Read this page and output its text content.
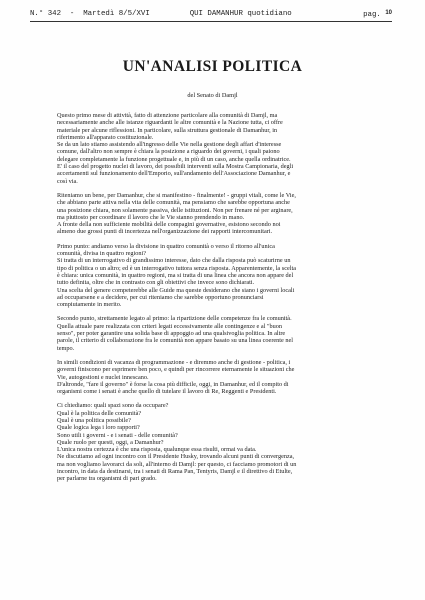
N.° 342 - Martedì 8/5/XVI	QUI DAMANHUR quotidiano	pag. $^{10}$
UN'ANALISI POLITICA
del Senato di Damjl

Questo primo mese di attività, fatto di attenzione particolare alla comunità di Damjl, ma
necessariamente anche alle istanze riguardanti le altre comunità e la Nazione tutta, ci offre
materiale per alcune riflessioni. In particolare, sulla struttura gestionale di Damanhur, in
riferimento all'apparato costituzionale.
Se da un lato stiamo assistendo all'ingresso delle Vie nella gestione degli affari d'interesse
comune, dall'altro non sempre è chiara la posizione a riguardo dei governi, i quali paiono
delegare completamente la funzione progettuale e, in più di un caso, anche quella ordinatrice.
E' il caso del progetto nuclei di lavoro, dei possibili interventi sulla Mostra Campionaria, degli
accertamenti sul funzionamento dell'Emporio, sull'andamento dell'Associazione Damanhur, e
così via.

Riteniamo un bene, per Damanhur, che si manifestino - finalmente! - gruppi vitali, come le Vie,
che abbiano parte attiva nella vita delle comunità, ma pensiamo che sarebbe opportuna anche
una posizione chiara, non solamente passiva, delle istituzioni. Non per frenare né per arginare,
ma piuttosto per coordinare il lavoro che le Vie stanno prendendo in mano.
A fronte della non sufficiente mobilità delle compagini governative, esistono secondo noi
almeno due grossi punti di incertezza nell'organizzazione dei rapporti intercomunitari.

Primo punto: andiamo verso la divisione in quattro comunità o verso il ritorno all'unica
comunità, divisa in quattro regioni?
Si tratta di un interrogativo di grandissimo interesse, dato che dalla risposta può scaturirne un
tipo di politica o un altro; ed è un interrogativo tuttora senza risposta. Apparentemente, la scelta
è chiara: unica comunità, in quattro regioni, ma si tratta di una linea che ancora non appare del
tutto definita, oltre che in contrasto con gli obiettivi che invece sono dichiarati.
Una scelta del genere competerebbe alle Guide ma queste desiderano che siano i governi locali
ad occuparsene e a decidere, per cui riteniamo che sarebbe opportuno pronunciarsi
compiutamente in merito.

Secondo punto, strettamente legato al primo: la ripartizione delle competenze fra le comunità.
Quella attuale pare realizzata con criteri legati eccessivamente alle contingenze e al "buon
senso", per poter garantire una solida base di appoggio ad una qualsivoglia politica. In altre
parole, il criterio di collaborazione fra le comunità non appare basato su una linea coerente nel
tempo.

In simili condizioni di vacanza di programmazione - e diremmo anche di gestione - politica, i
governi finiscono per esprimere ben poco, e quindi per rincorrere eternamente le situazioni che
Vie, autogestioni e nuclei innescano.
D'altronde, "fare il governo" è forse la cosa più difficile, oggi, in Damanhur, ed il compito di
organismi come i senati è anche quello di tutelare il lavoro di Re, Reggenti e Presidenti.

Ci chiediamo: quali spazi sono da occupare?
Qual è la politica delle comunità?
Qual è una politica possibile?
Quale logica lega i loro rapporti?
Sono utili i governi - e i senati - delle comunità?
Quale ruolo per questi, oggi, a Damanhur?
L'unica nostra certezza è che una risposta, qualunque essa risulti, ormai va data.
Ne discutiamo ad ogni incontro con il Presidente Husky, trovando alcuni punti di convergenza,
ma non vogliamo lavorarci da soli, all'interno di Damjl: per questo, ci facciamo promotori di un
incontro, in data da destinarsi, tra i senati di Rama Pan, Tentyris, Damjl e il direttivo di Etulte,
per parlarne tra organismi di pari grado.
